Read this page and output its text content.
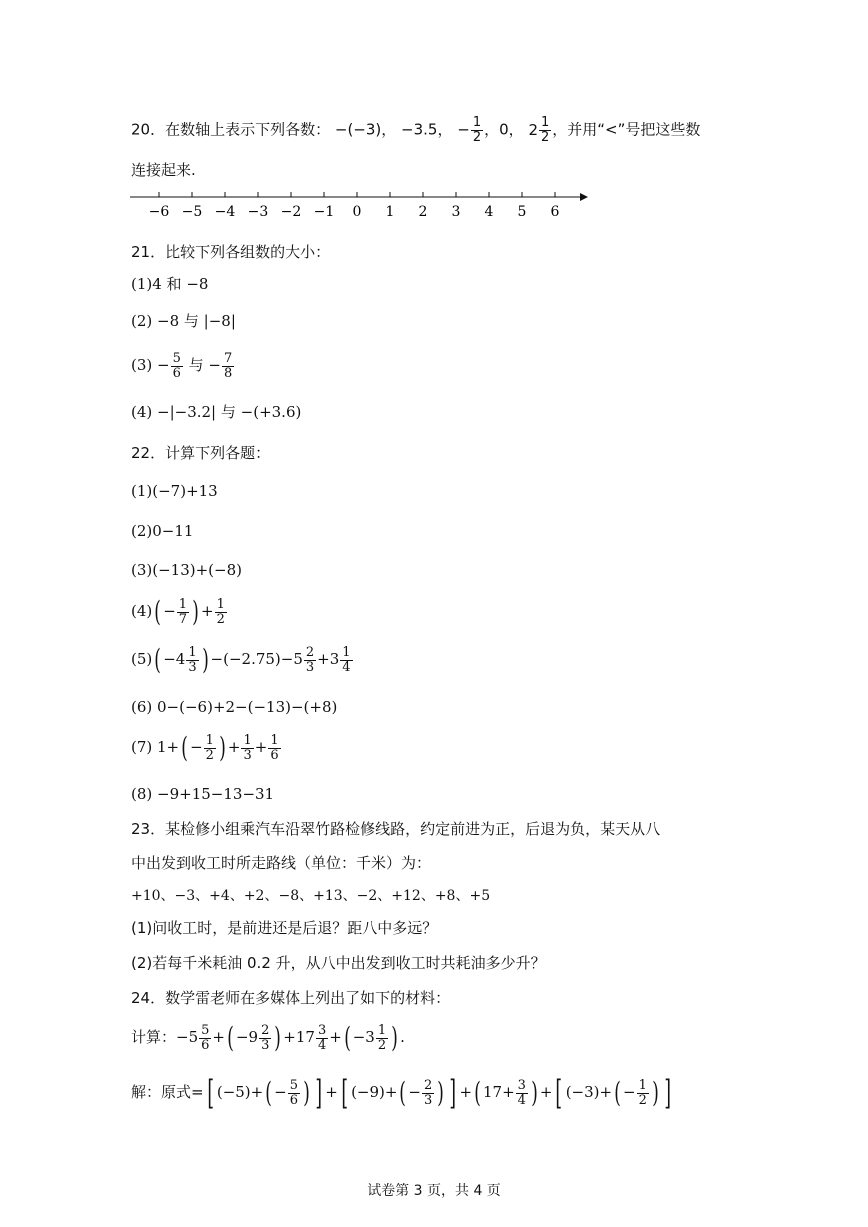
20．在数轴上表示下列各数： −(−3)， −3.5， − $\frac{1}{2}$ ，0， $2 \frac{1}{2}$ ，并用“<”号把这些数
连接起来.
−6 −5 −4 −3 −2 −1 0 1 2 3 4 5 6
21．比较下列各组数的大小：
(1)4 和 −8
(2) −8 与 |−8|
$(3) - \frac{5}{6}$ 与 − $\frac{7}{8}$
(4) −|−3.2| 与 −(+3.6)
22．计算下列各题：
(1)(−7)+13
(2)0−11
(3)(−13)+(−8)
$(4)( - \frac{1}{7}$ ) + $\frac{1}{2}$
$(5)( -4 \frac{1}{3}$ ) $-(-2.75)-5 \frac{2}{3} +3 \frac{1}{4}$
(6) 0−(−6)+2−(−13)−(+8)
(7) $1+( - \frac{1}{2}$ ) + $\frac{1}{3} + \frac{1}{6}$
(8) −9+15−13−31
23．某检修小组乘汽车沿翠竹路检修线路，约定前进为正，后退为负，某天从八
中出发到收工时所走路线（单位：千米）为：
+10、−3、+4、+2、−8、+13、−2、+12、+8、+5
(1)问收工时，是前进还是后退？距八中多远？
(2)若每千米耗油 0.2 升，从八中出发到收工时共耗油多少升？
24．数学雷老师在多媒体上列出了如下的材料：
计算：$-5 \frac{5}{6}$ +( $-9 \frac{2}{3}$ ) $+17 \frac{3}{4}$ +( $-3 \frac{1}{2}$ ) .
解：原式=[ $(-5)+( - \frac{5}{6}$ ) ] +[ $(-9)+( - \frac{2}{3}$ ) ] +( $17+ \frac{3}{4}$ ) +[ $(-3)+( - \frac{1}{2}$ ) ]
试卷第 3 页，共 4 页
